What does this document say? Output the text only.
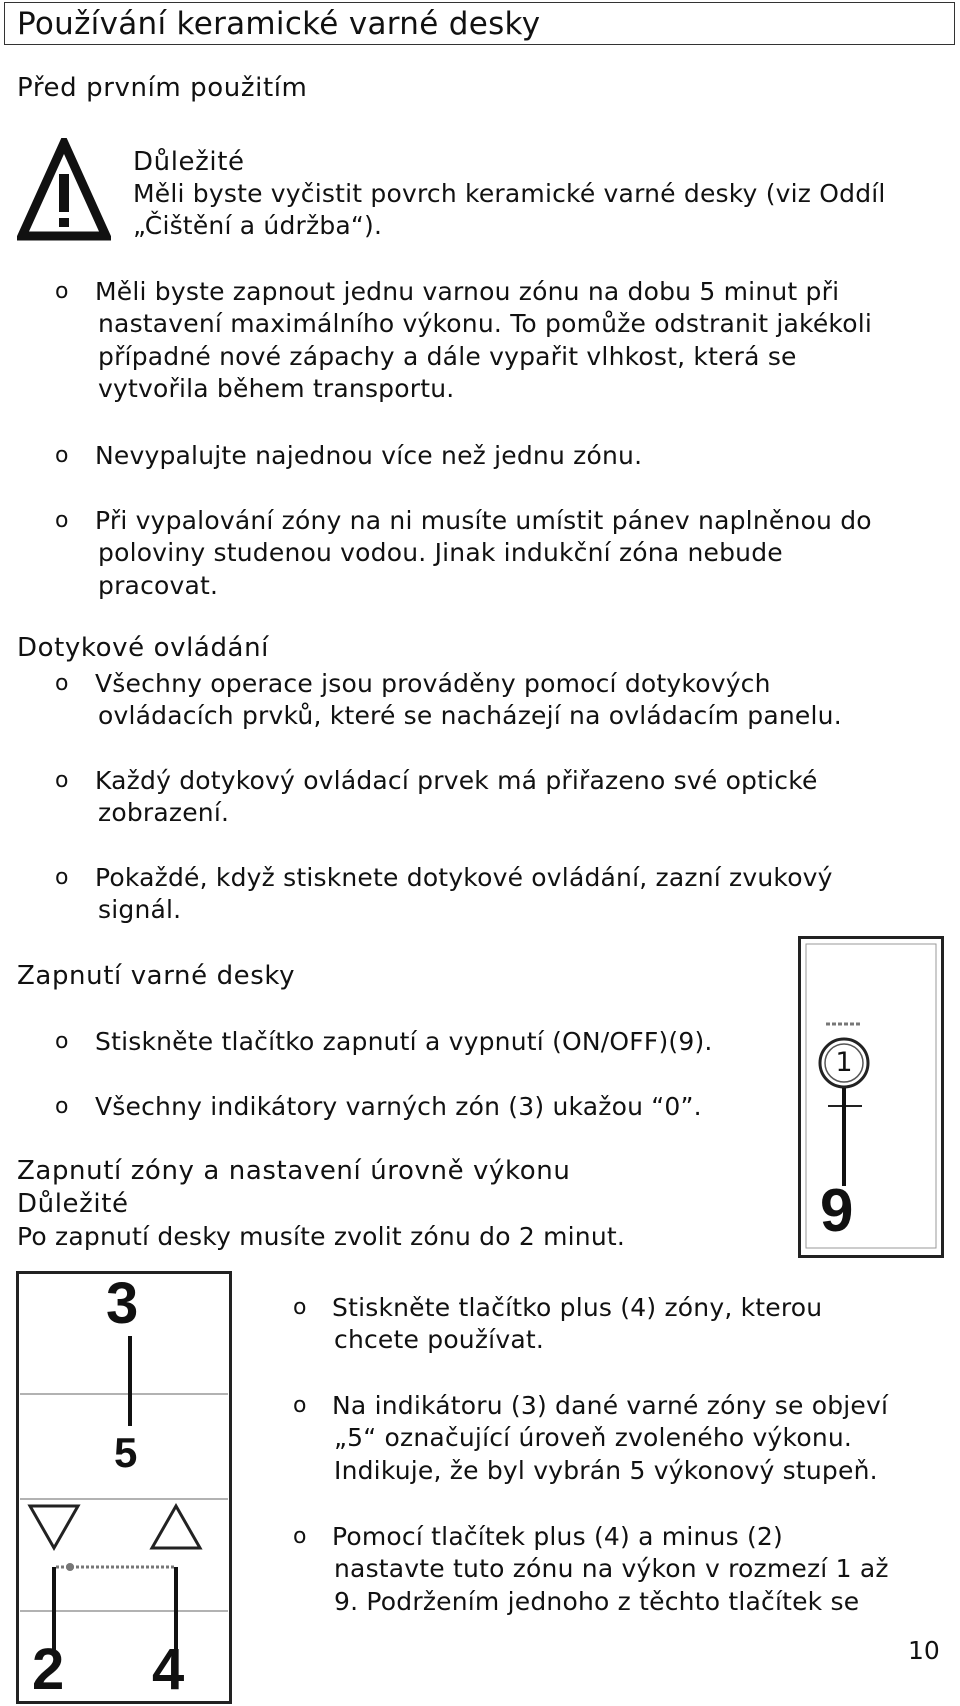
Používání keramické varné desky
Před prvním použitím
Důležité
Měli byste vyčistit povrch keramické varné desky (viz Oddíl
„Čištění a údržba“).
o Měli byste zapnout jednu varnou zónu na dobu 5 minut při
nastavení maximálního výkonu. To pomůže odstranit jakékoli
případné nové zápachy a dále vypařit vlhkost, která se
vytvořila během transportu.
o Nevypalujte najednou více než jednu zónu.
o Při vypalování zóny na ni musíte umístit pánev naplněnou do
poloviny studenou vodou. Jinak indukční zóna nebude
pracovat.
Dotykové ovládání
o Všechny operace jsou prováděny pomocí dotykových
ovládacích prvků, které se nacházejí na ovládacím panelu.
o Každý dotykový ovládací prvek má přiřazeno své optické
zobrazení.
o Pokaždé, když stisknete dotykové ovládání, zazní zvukový
signál.
Zapnutí varné desky
o Stiskněte tlačítko zapnutí a vypnutí (ON/OFF)(9).
o Všechny indikátory varných zón (3) ukažou “0”.
1
9
Zapnutí zóny a nastavení úrovně výkonu
Důležité
Po zapnutí desky musíte zvolit zónu do 2 minut.
3
5
2 4
o Stiskněte tlačítko plus (4) zóny, kterou
chcete používat.
o Na indikátoru (3) dané varné zóny se objeví
„5“ označující úroveň zvoleného výkonu.
Indikuje, že byl vybrán 5 výkonový stupeň.
o Pomocí tlačítek plus (4) a minus (2)
nastavte tuto zónu na výkon v rozmezí 1 až
9. Podržením jednoho z těchto tlačítek se
10
